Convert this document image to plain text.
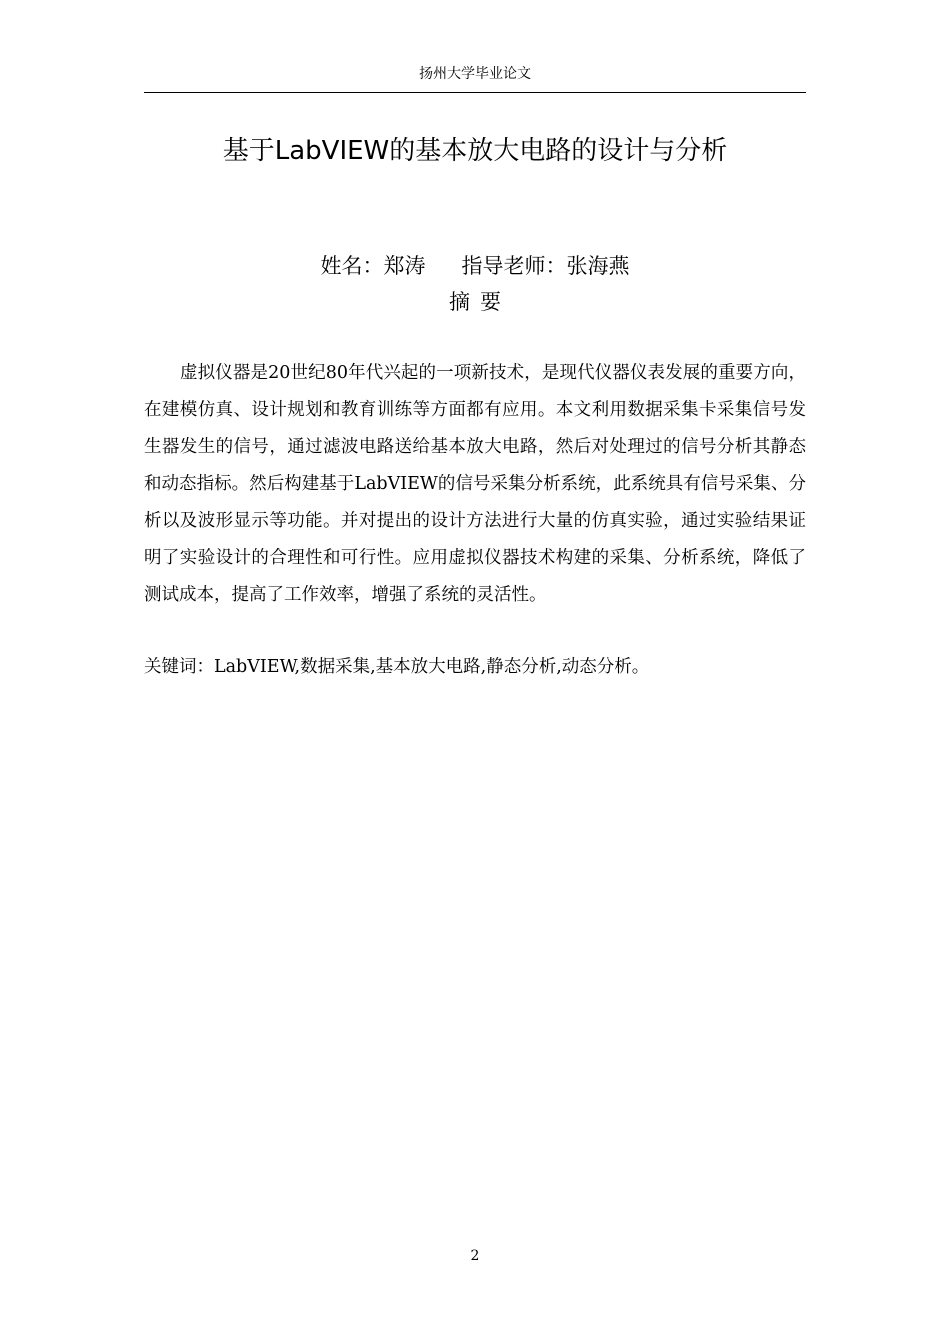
扬州大学毕业论文
基于LabVIEW的基本放大电路的设计与分析
姓名：郑涛 指导老师：张海燕
摘要

虚拟仪器是20世纪80年代兴起的一项新技术，是现代仪器仪表发展的重要方向，在建模仿真、设计规划和教育训练等方面都有应用。本文利用数据采集卡采集信号发生器发生的信号，通过滤波电路送给基本放大电路，然后对处理过的信号分析其静态和动态指标。然后构建基于LabVIEW的信号采集分析系统，此系统具有信号采集、分析以及波形显示等功能。并对提出的设计方法进行大量的仿真实验，通过实验结果证明了实验设计的合理性和可行性。应用虚拟仪器技术构建的采集、分析系统，降低了测试成本，提高了工作效率，增强了系统的灵活性。

关键词：LabVIEW,数据采集,基本放大电路,静态分析,动态分析。

2
